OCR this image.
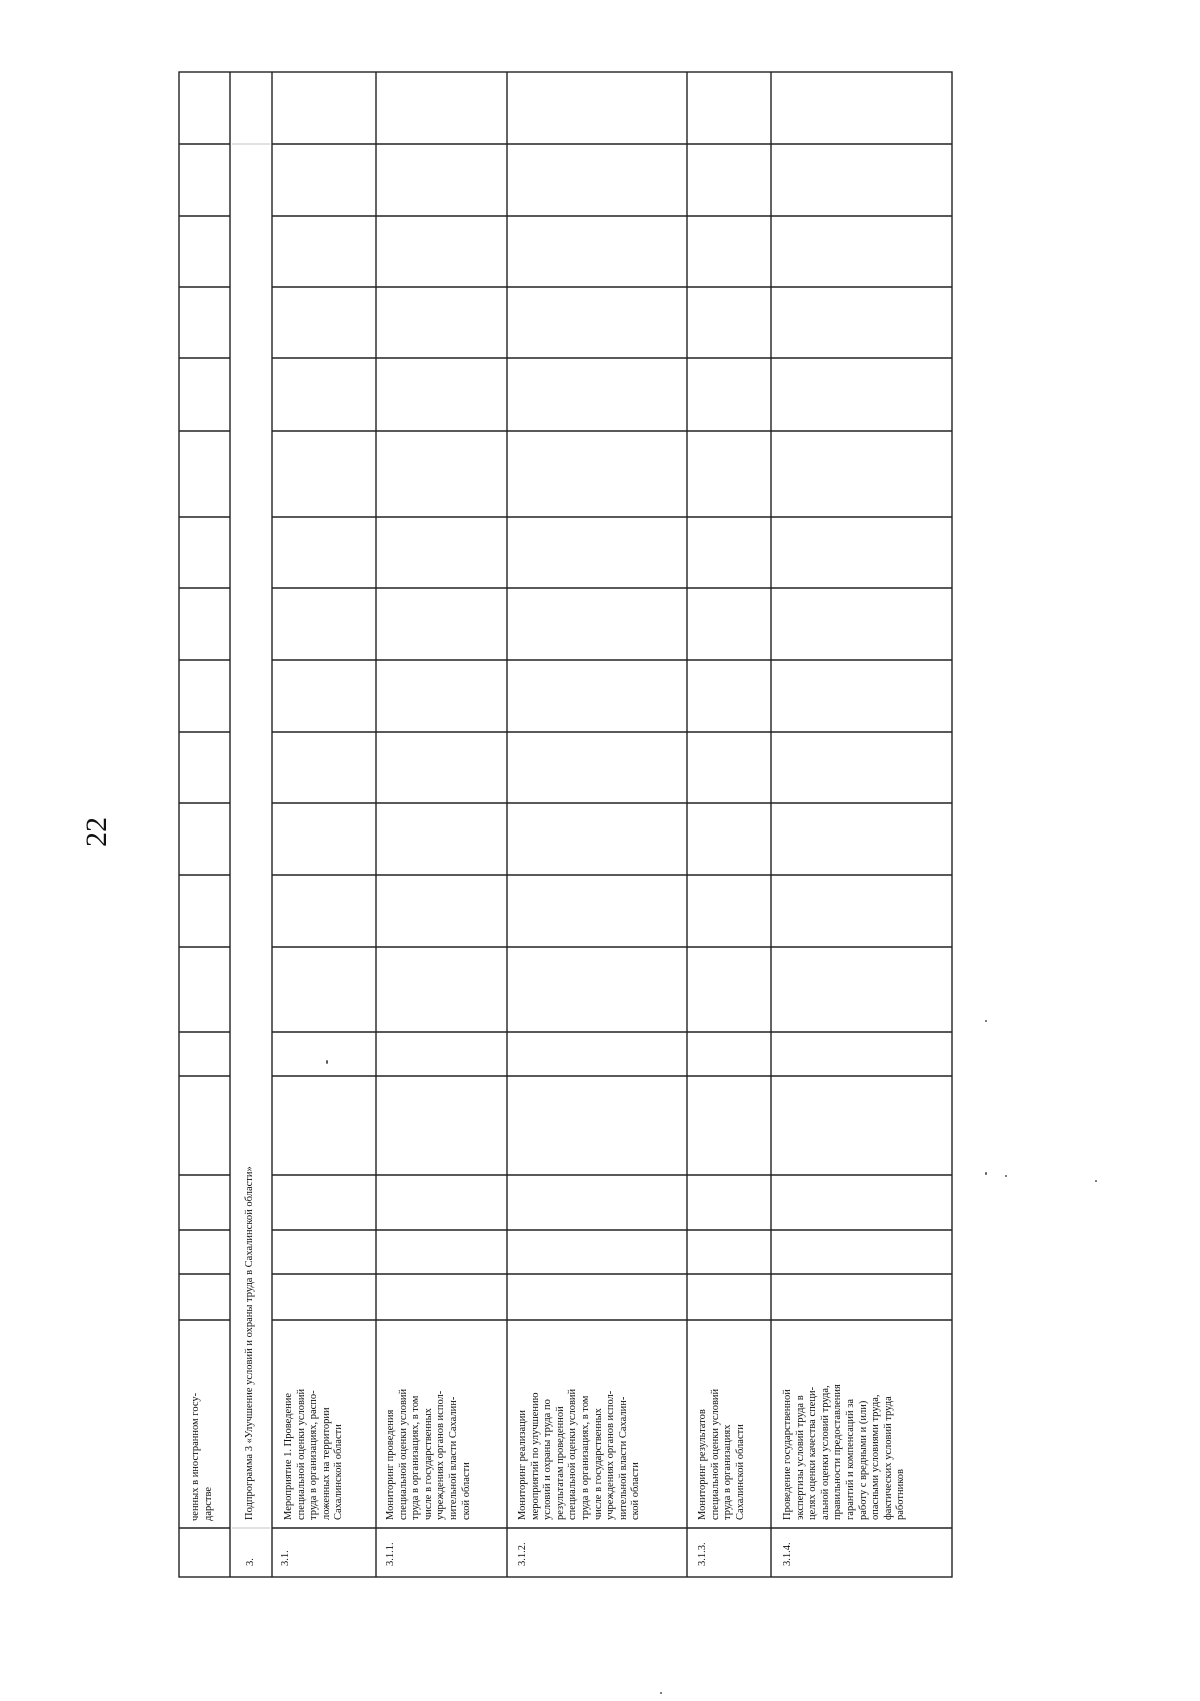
22
ченных в иностранном госу-
дарстве
3.
Подпрограмма 3 «Улучшение условий и охраны труда в Сахалинской области»
3.1.
Мероприятие 1. Проведение
специальной оценки условий
труда в организациях, распо-
ложенных на территории
Сахалинской области
3.1.1.
Мониторинг проведения
специальной оценки условий
труда в организациях, в том
числе в государственных
учреждениях органов испол-
нительной власти Сахалин-
ской области
3.1.2.
Мониторинг реализации
мероприятий по улучшению
условий и охраны труда по
результатам проведенной
специальной оценки условий
труда в организациях, в том
числе в государственных
учреждениях органов испол-
нительной власти Сахалин-
ской области
3.1.3.
Мониторинг результатов
специальной оценки условий
труда в организациях
Сахалинской области
3.1.4.
Проведение государственной
экспертизы условий труда в
целях оценки качества специ-
альной оценки условий труда,
правильности предоставления
гарантий и компенсаций за
работу с вредными и (или)
опасными условиями труда,
фактических условий труда
работников
